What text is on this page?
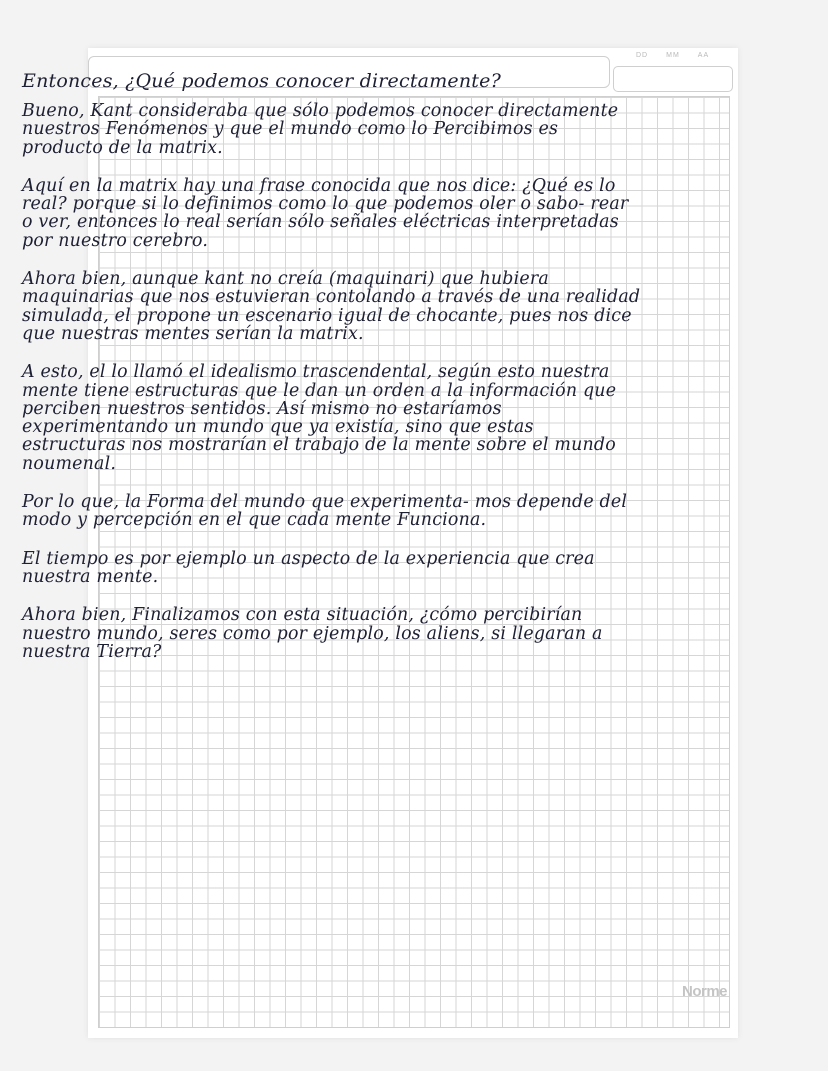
DD	MM	AA
Norme
Entonces, ¿Qué podemos conocer directamente?

Bueno, Kant consideraba que sólo podemos conocer directamente nuestros Fenómenos y que el mundo como lo Percibimos es producto de la matrix.

Aquí en la matrix hay una frase conocida que nos dice: ¿Qué es lo real? porque si lo definimos como lo que podemos oler o sabo- rear o ver, entonces lo real serían sólo señales eléctricas interpretadas por nuestro cerebro.

Ahora bien, aunque kant no creía (maquinari) que hubiera maquinarias que nos estuvieran contolando a través de una realidad simulada, el propone un escenario igual de chocante, pues nos dice que nuestras mentes serían la matrix.

A esto, el lo llamó el idealismo trascendental, según esto nuestra mente tiene estructuras que le dan un orden a la información que perciben nuestros sentidos. Así mismo no estaríamos experimentando un mundo que ya existía, sino que estas estructuras nos mostrarían el trabajo de la mente sobre el mundo noumenal.

Por lo que, la Forma del mundo que experimenta- mos depende del modo y percepción en el que cada mente Funciona.

El tiempo es por ejemplo un aspecto de la experiencia que crea nuestra mente.

Ahora bien, Finalizamos con esta situación, ¿cómo percibirían nuestro mundo, seres como por ejemplo, los aliens, si llegaran a nuestra Tierra?
